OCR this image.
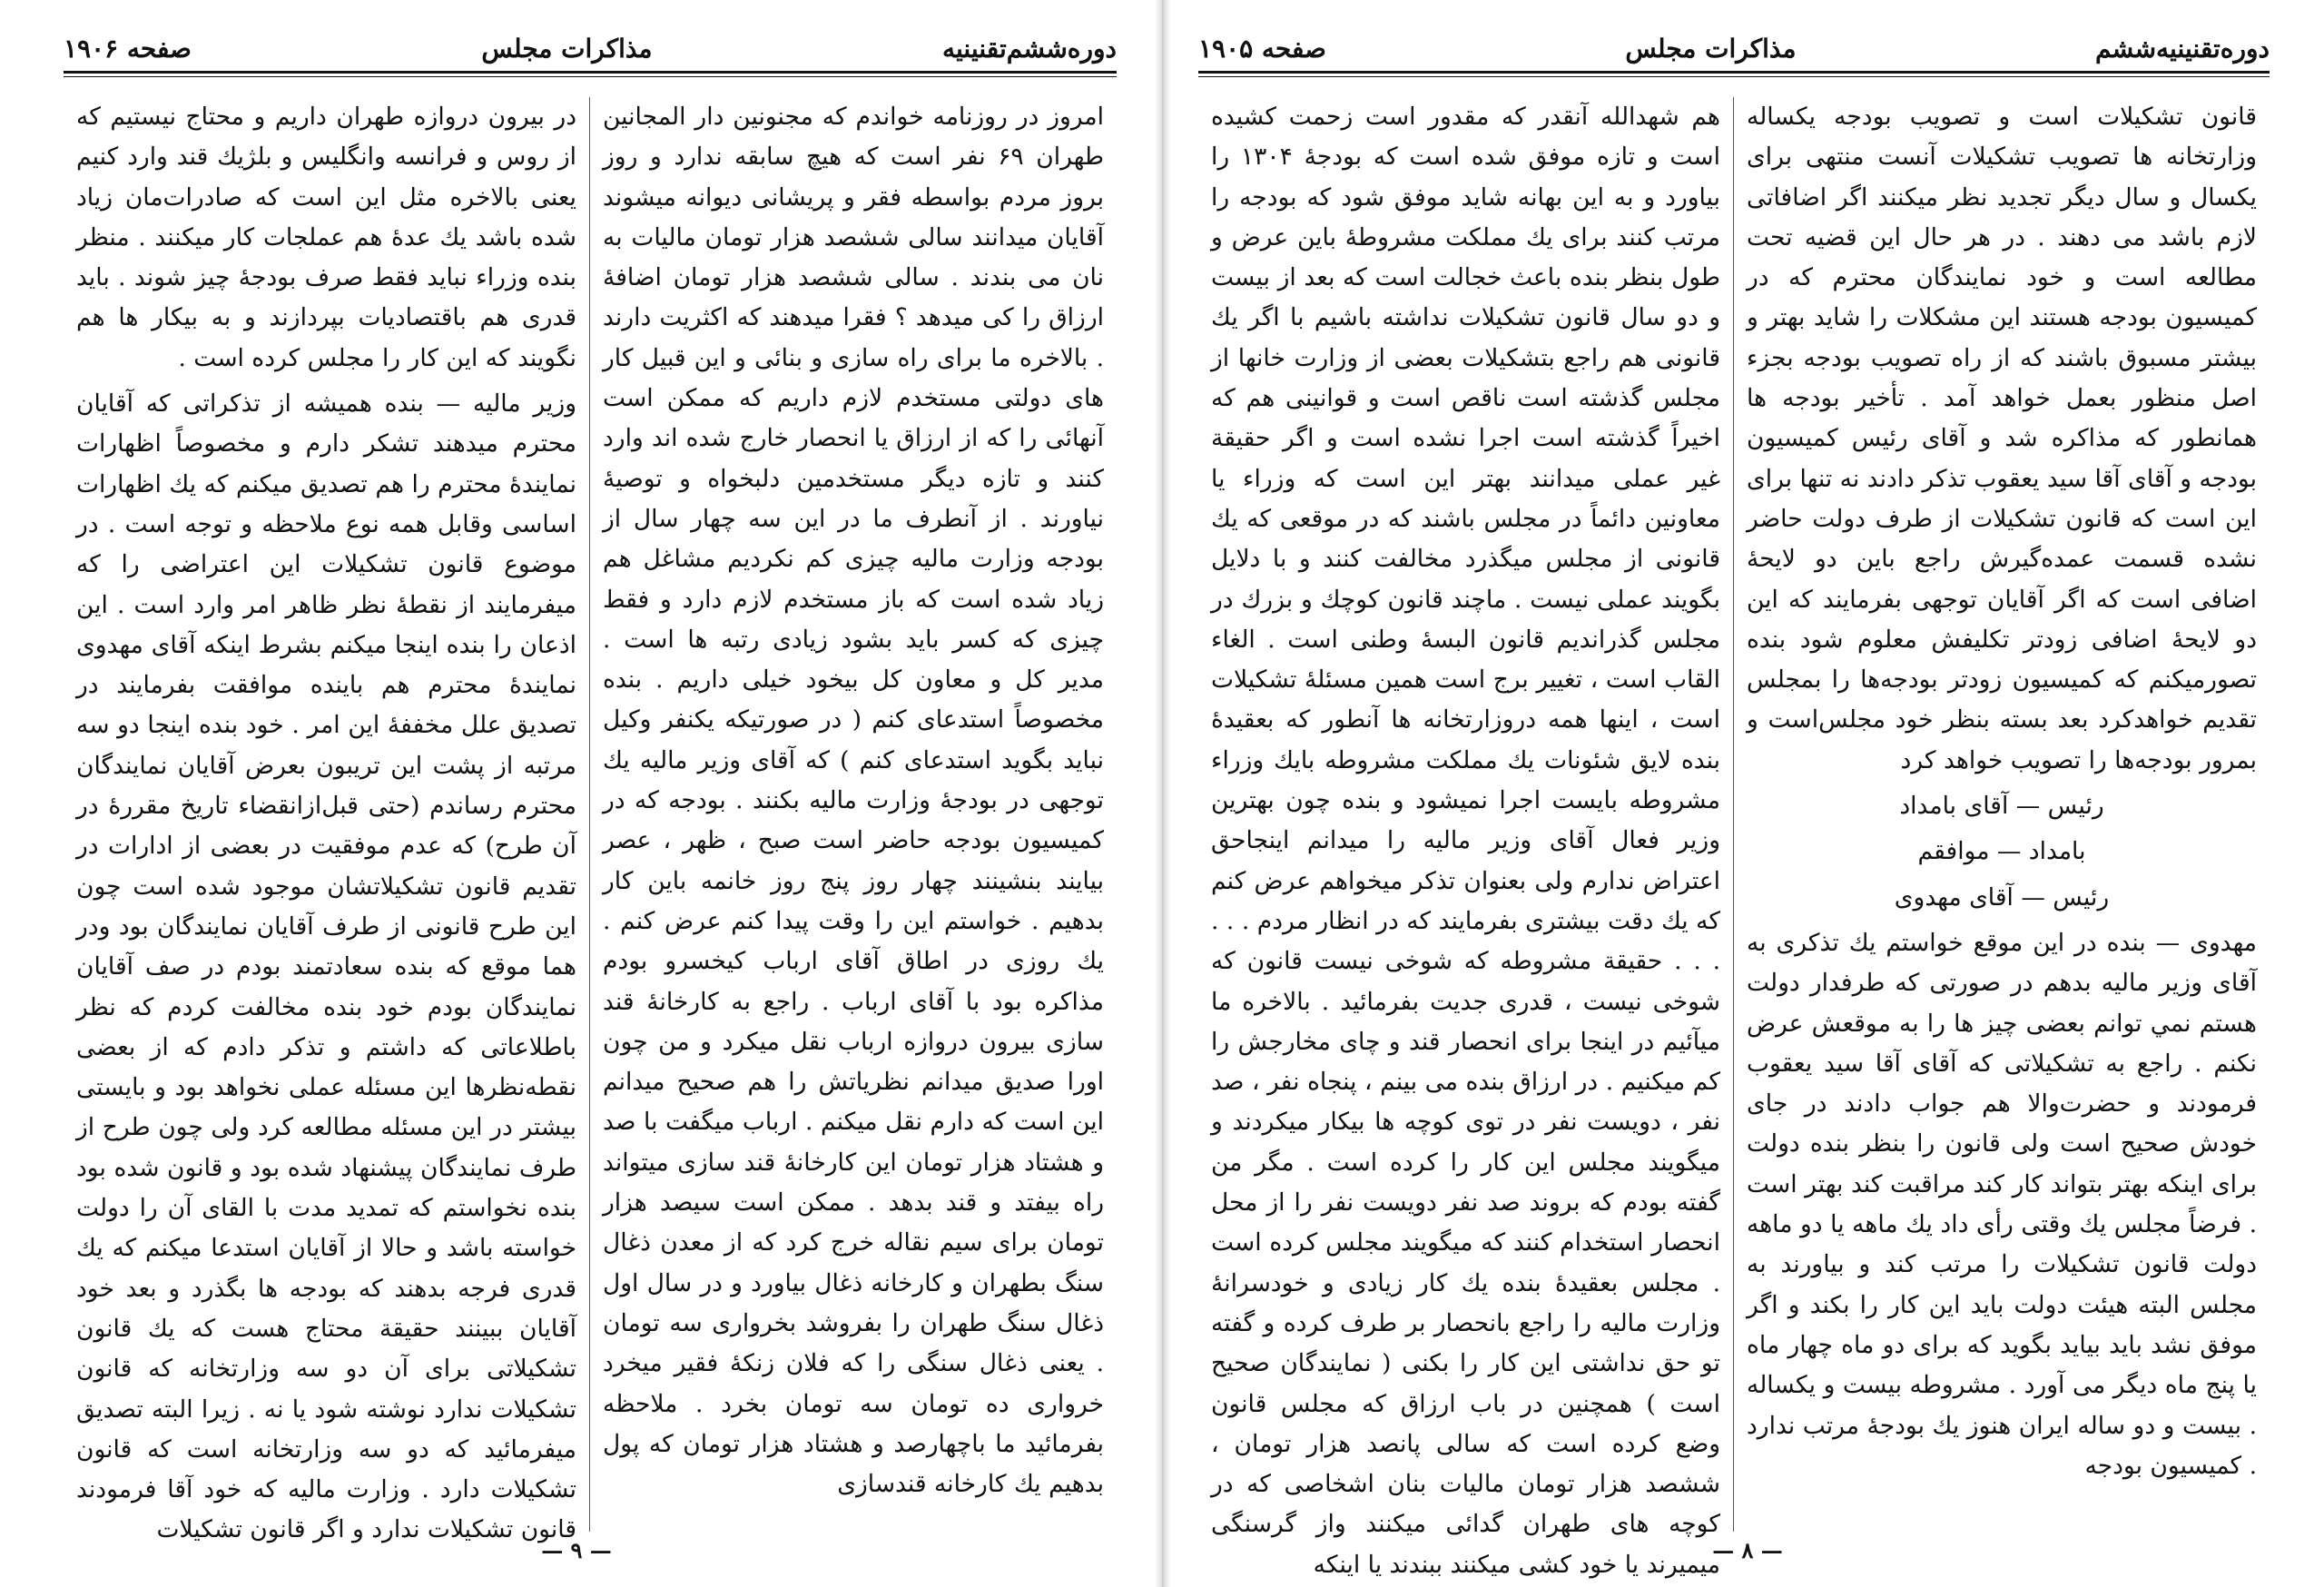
دوره‌ششم‌تقنینیه
مذاکرات مجلس
صفحه ۱۹۰۶

امروز در روزنامه خواندم که مجنونین دار المجانین طهران ۶۹ نفر است که هیچ سابقه ندارد و روز بروز مردم بواسطه فقر و پریشانی دیوانه میشوند آقایان میدانند سالی ششصد هزار تومان مالیات به نان می بندند . سالی ششصد هزار تومان اضافهٔ ارزاق را کی میدهد ؟ فقرا میدهند که اکثریت دارند . بالاخره ما برای راه سازی و بنائی و این قبیل کار های دولتی مستخدم لازم داریم که ممکن است آنهائی را که از ارزاق یا انحصار خارج شده اند وارد کنند و تازه دیگر مستخدمین دلبخواه و توصیهٔ نیاورند . از آنطرف ما در این سه چهار سال از بودجه وزارت مالیه چیزی کم نکردیم مشاغل هم زیاد شده است که باز مستخدم لازم دارد و فقط چیزی که کسر باید بشود زیادی رتبه ها است . مدیر کل و معاون کل بیخود خیلی داریم . بنده مخصوصاً استدعای کنم ( در صورتیکه یکنفر وکیل نباید بگوید استدعای کنم ) که آقای وزیر مالیه یك توجهی در بودجهٔ وزارت مالیه بکنند . بودجه که در کمیسیون بودجه حاضر است صبح ، ظهر ، عصر بیایند بنشینند چهار روز پنج روز خانمه باین کار بدهیم . خواستم این را وقت پیدا کنم عرض کنم . یك روزی در اطاق آقای ارباب کیخسرو بودم مذاکره بود با آقای ارباب . راجع به کارخانهٔ قند سازی بیرون دروازه ارباب نقل میکرد و من چون اورا صدیق میدانم نظریاتش را هم صحیح میدانم این است که دارم نقل میکنم . ارباب میگفت با صد و هشتاد هزار تومان این کارخانهٔ قند سازی میتواند راه بیفتد و قند بدهد . ممکن است سیصد هزار تومان برای سیم نقاله خرج کرد که از معدن ذغال سنگ بطهران و کارخانه ذغال بیاورد و در سال اول ذغال سنگ طهران را بفروشد بخرواری سه تومان . یعنی ذغال سنگی را که فلان زنکهٔ فقیر میخرد خرواری ده تومان سه تومان بخرد . ملاحظه بفرمائید ما باچهارصد و هشتاد هزار تومان که پول بدهیم یك کارخانه قندسازی

در بیرون دروازه طهران داریم و محتاج نیستیم که از روس و فرانسه وانگلیس و بلژیك قند وارد کنیم یعنی بالاخره مثل این است که صادرات‌مان زیاد شده باشد یك عدهٔ هم عملجات کار میکنند . منظر بنده وزراء نباید فقط صرف بودجهٔ چیز شوند . باید قدری هم باقتصادیات بپردازند و به بیکار ها هم نگویند که این کار را مجلس کرده است .

وزیر مالیه — بنده همیشه از تذکراتی که آقایان محترم میدهند تشکر دارم و مخصوصاً اظهارات نمایندهٔ محترم را هم تصدیق میکنم که یك اظهارات اساسی وقابل همه نوع ملاحظه و توجه است . در موضوع قانون تشکیلات این اعتراضی را که میفرمایند از نقطهٔ نظر ظاهر امر وارد است . این اذعان را بنده اینجا میکنم بشرط اینکه آقای مهدوی نمایندهٔ محترم هم باینده موافقت بفرمایند در تصدیق علل مخففهٔ این امر . خود بنده اینجا دو سه مرتبه از پشت این تریبون بعرض آقایان نمایندگان محترم رساندم (حتی قبل‌از‌انقضاء تاریخ مقررهٔ در آن طرح) که عدم موفقیت در بعضی از ادارات در تقدیم قانون تشکیلاتشان موجود شده است چون این طرح قانونی از طرف آقایان نمایندگان بود ودر هما موقع که بنده سعادتمند بودم در صف آقایان نمایندگان بودم خود بنده مخالفت کردم که نظر باطلاعاتی که داشتم و تذکر دادم که از بعضی نقطه‌نظرها این مسئله عملی نخواهد بود و بایستی بیشتر در این مسئله مطالعه کرد ولی چون طرح از طرف نمایندگان پیشنهاد شده بود و قانون شده بود بنده نخواستم که تمدید مدت با القای آن را دولت خواسته باشد و حالا از آقایان استدعا میکنم که یك قدری فرجه بدهند که بودجه ها بگذرد و بعد خود آقایان ببینند حقیقة محتاج هست که یك قانون تشکیلاتی برای آن دو سه وزارتخانه که قانون تشکیلات ندارد نوشته شود یا نه . زیرا البته تصدیق میفرمائید که دو سه وزارتخانه است که قانون تشکیلات دارد . وزارت مالیه که خود آقا فرمودند قانون تشکیلات ندارد و اگر قانون تشکیلات

— ۹ —
دوره‌تقنینیه‌ششم
مذاکرات مجلس
صفحه ۱۹۰۵

قانون تشکیلات است و تصویب بودجه یکساله وزارتخانه ها تصویب تشکیلات آنست منتهی برای یکسال و سال دیگر تجدید نظر میکنند اگر اضافاتی لازم باشد می دهند . در هر حال این قضیه تحت مطالعه است و خود نمایندگان محترم که در کمیسیون بودجه هستند این مشکلات را شاید بهتر و بیشتر مسبوق باشند که از راه تصویب بودجه بجزء اصل منظور بعمل خواهد آمد . تأخیر بودجه ها همانطور که مذاکره شد و آقای رئیس کمیسیون بودجه و آقای آقا سید یعقوب تذکر دادند نه تنها برای این است که قانون تشکیلات از طرف دولت حاضر نشده قسمت عمده‌گیرش راجع باین دو لایحهٔ اضافی است که اگر آقایان توجهی بفرمایند که این دو لایحهٔ اضافی زودتر تکلیفش معلوم شود بنده تصورمیکنم که کمیسیون زودتر بودجه‌ها را بمجلس تقدیم خواهدکرد بعد بسته بنظر خود مجلس‌است و بمرور بودجه‌ها را تصویب خواهد کرد

رئیس — آقای بامداد

بامداد — موافقم

رئیس — آقای مهدوی

مهدوی — بنده در این موقع خواستم یك تذکری به آقای وزیر مالیه بدهم در صورتی که طرفدار دولت هستم نمي توانم بعضی چیز ها را به موقعش عرض نکنم . راجع به تشکیلاتی که آقای آقا سید یعقوب فرمودند و حضرت‌والا هم جواب دادند در جای خودش صحیح است ولی قانون را بنظر بنده دولت برای اینکه بهتر بتواند کار کند مراقبت کند بهتر است . فرضاً مجلس یك وقتی رأی داد یك ماهه یا دو ماهه دولت قانون تشکیلات را مرتب کند و بیاورند به مجلس البته هیئت دولت باید این کار را بکند و اگر موفق نشد باید بیاید بگوید که برای دو ماه چهار ماه یا پنج ماه دیگر می آورد . مشروطه بیست و یکساله . بیست و دو ساله ایران هنوز یك بودجهٔ مرتب ندارد . کمیسیون بودجه

هم شهدالله آنقدر که مقدور است زحمت کشیده است و تازه موفق شده است که بودجهٔ ۱۳۰۴ را بیاورد و به این بهانه شاید موفق شود که بودجه را مرتب کنند برای یك مملکت مشروطهٔ باین عرض و طول بنظر بنده باعث خجالت است که بعد از بیست و دو سال قانون تشکیلات نداشته باشیم با اگر یك قانونی هم راجع بتشکیلات بعضی از وزارت خانها از مجلس گذشته است ناقص است و قوانینی هم که اخیراً گذشته است اجرا نشده است و اگر حقیقة غیر عملی میدانند بهتر این است که وزراء یا معاونین دائماً در مجلس باشند که در موقعی که یك قانونی از مجلس میگذرد مخالفت کنند و با دلایل بگویند عملی نیست . ماچند قانون کوچك و بزرك در مجلس گذراندیم قانون البسهٔ وطنی است . الغاء القاب است ، تغییر برج است همین مسئلهٔ تشکیلات است ، اینها همه دروزارتخانه ها آنطور که بعقیدهٔ بنده لایق شئونات یك مملکت مشروطه بایك وزراء مشروطه بایست اجرا نمیشود و بنده چون بهترین وزیر فعال آقای وزیر مالیه را میدانم اینجاحق اعتراض ندارم ولی بعنوان تذکر میخواهم عرض کنم که یك دقت بیشتری بفرمایند که در انظار مردم . . . . . . حقیقة مشروطه که شوخی نیست قانون که شوخی نیست ، قدری جدیت بفرمائید . بالاخره ما میآئیم در اینجا برای انحصار قند و چای مخارجش را کم میکنیم . در ارزاق بنده می بینم ، پنجاه نفر ، صد نفر ، دویست نفر در توی کوچه ها بیکار میکردند و میگویند مجلس این کار را کرده است . مگر من گفته بودم که بروند صد نفر دویست نفر را از محل انحصار استخدام کنند که میگویند مجلس کرده است . مجلس بعقیدهٔ بنده یك کار زیادی و خودسرانهٔ وزارت مالیه را راجع بانحصار بر طرف کرده و گفته تو حق نداشتی این کار را بکنی ( نمایندگان صحیح است ) همچنین در باب ارزاق که مجلس قانون وضع کرده است که سالی پانصد هزار تومان ، ششصد هزار تومان مالیات بنان اشخاصی که در کوچه های طهران گدائی میکنند واز گرسنگی میمیرند یا خود کشی میکنند ببندند یا اینکه

— ۸ —
